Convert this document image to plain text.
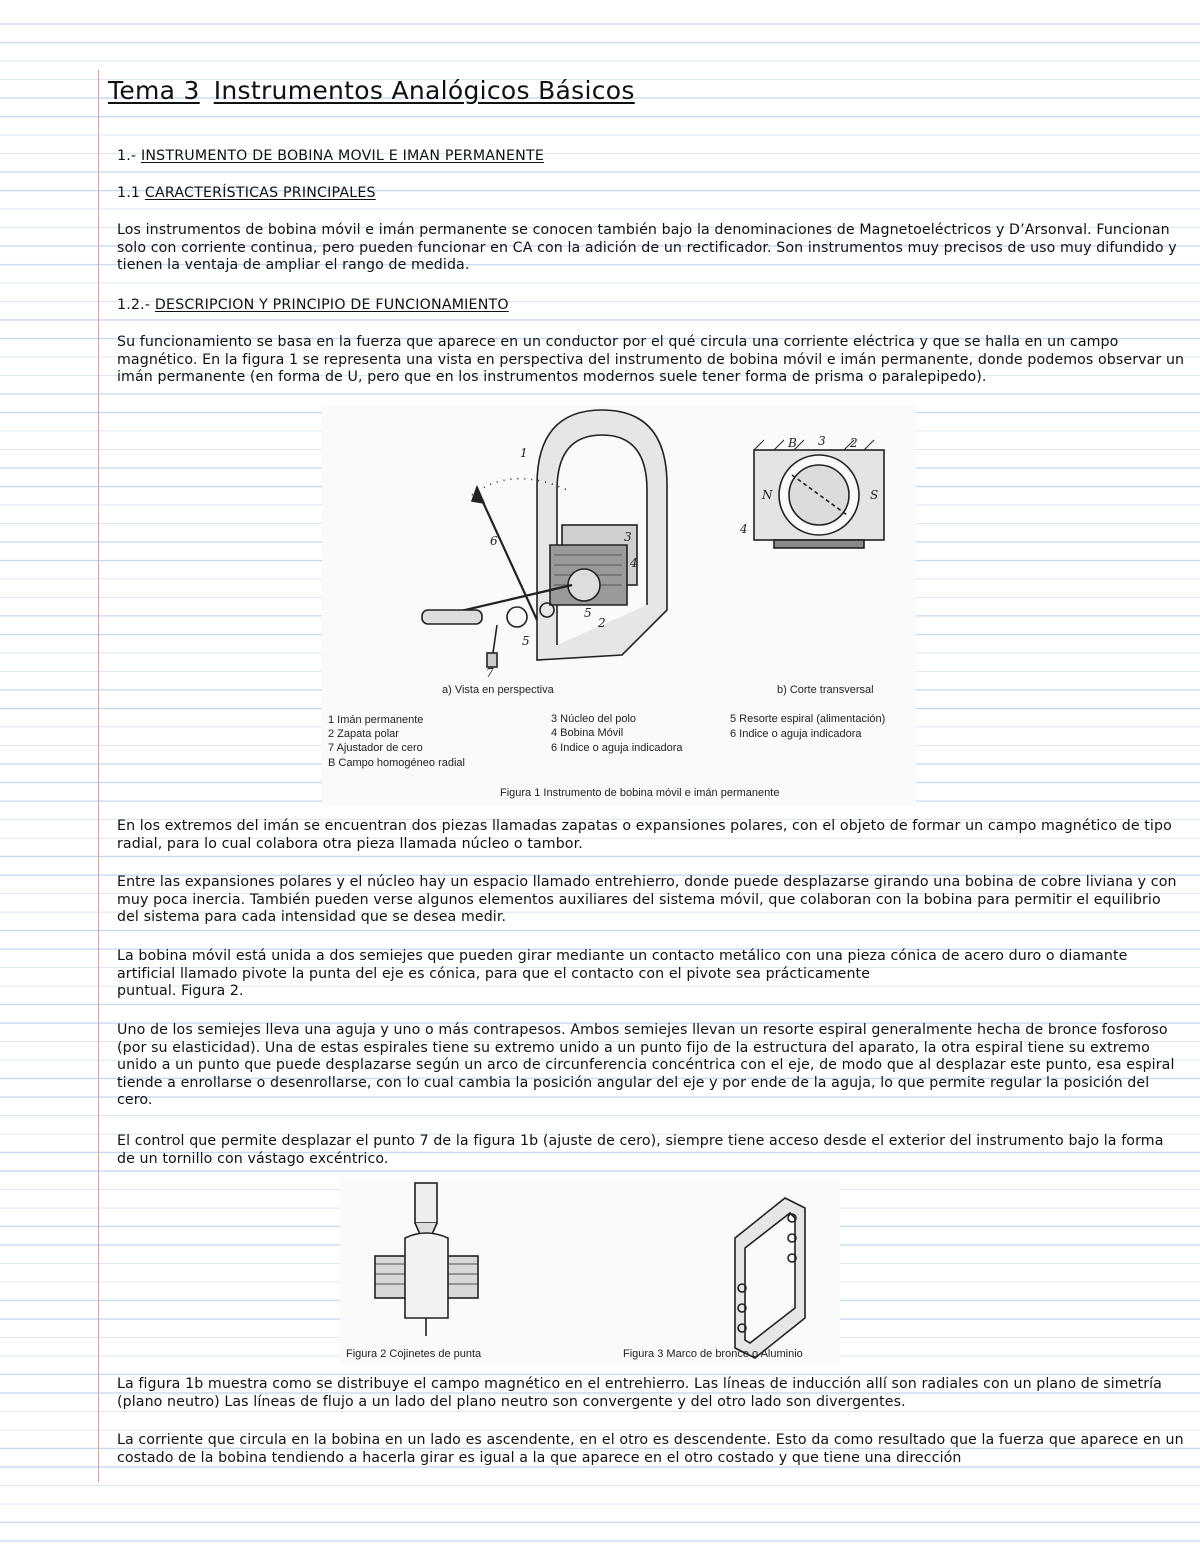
Tema 3 Instrumentos Analógicos Básicos

1.- INSTRUMENTO DE BOBINA MOVIL E IMAN PERMANENTE

1.1 CARACTERÍSTICAS PRINCIPALES

Los instrumentos de bobina móvil e imán permanente se conocen también bajo la denominaciones de Magnetoeléctricos y D’Arsonval. Funcionan solo con corriente continua, pero pueden funcionar en CA con la adición de un rectificador. Son instrumentos muy precisos de uso muy difundido y tienen la ventaja de ampliar el rango de medida.

1.2.- DESCRIPCION Y PRINCIPIO DE FUNCIONAMIENTO

Su funcionamiento se basa en la fuerza que aparece en un conductor por el qué circula una corriente eléctrica y que se halla en un campo magnético. En la figura 1 se representa una vista en perspectiva del instrumento de bobina móvil e imán permanente, donde podemos observar un imán permanente (en forma de U, pero que en los instrumentos modernos suele tener forma de prisma o paralepipedo).

1
6	3
4
5
2
5
7
B 3 2
N	S
4
a) Vista en perspectiva	b) Corte transversal
1 Imán permanente	3 Núcleo del polo	5 Resorte espiral (alimentación)
2 Zapata polar	4 Bobina Móvil	6 Indice o aguja indicadora
7 Ajustador de cero	6 Indice o aguja indicadora
B Campo homogéneo radial
Figura 1 Instrumento de bobina móvil e imán permanente

En los extremos del imán se encuentran dos piezas llamadas zapatas o expansiones polares, con el objeto de formar un campo magnético de tipo radial, para lo cual colabora otra pieza llamada núcleo o tambor.

Entre las expansiones polares y el núcleo hay un espacio llamado entrehierro, donde puede desplazarse girando una bobina de cobre liviana y con muy poca inercia. También pueden verse algunos elementos auxiliares del sistema móvil, que colaboran con la bobina para permitir el equilibrio del sistema para cada intensidad que se desea medir.

La bobina móvil está unida a dos semiejes que pueden girar mediante un contacto metálico con una pieza cónica de acero duro o diamante artificial llamado pivote la punta del eje es cónica, para que el contacto con el pivote sea prácticamente
puntual. Figura 2.

Uno de los semiejes lleva una aguja y uno o más contrapesos. Ambos semiejes llevan un resorte espiral generalmente hecha de bronce fosforoso (por su elasticidad). Una de estas espirales tiene su extremo unido a un punto fijo de la estructura del aparato, la otra espiral tiene su extremo unido a un punto que puede desplazarse según un arco de circunferencia concéntrica con el eje, de modo que al desplazar este punto, esa espiral tiende a enrollarse o desenrollarse, con lo cual cambia la posición angular del eje y por ende de la aguja, lo que permite regular la posición del cero.

El control que permite desplazar el punto 7 de la figura 1b (ajuste de cero), siempre tiene acceso desde el exterior del instrumento bajo la forma de un tornillo con vástago excéntrico.

Figura 2 Cojinetes de punta	Figura 3 Marco de bronce o Aluminio

La figura 1b muestra como se distribuye el campo magnético en el entrehierro. Las líneas de inducción allí son radiales con un plano de simetría (plano neutro) Las líneas de flujo a un lado del plano neutro son convergente y del otro lado son divergentes.

La corriente que circula en la bobina en un lado es ascendente, en el otro es descendente. Esto da como resultado que la fuerza que aparece en un costado de la bobina tendiendo a hacerla girar es igual a la que aparece en el otro costado y que tiene una dirección
